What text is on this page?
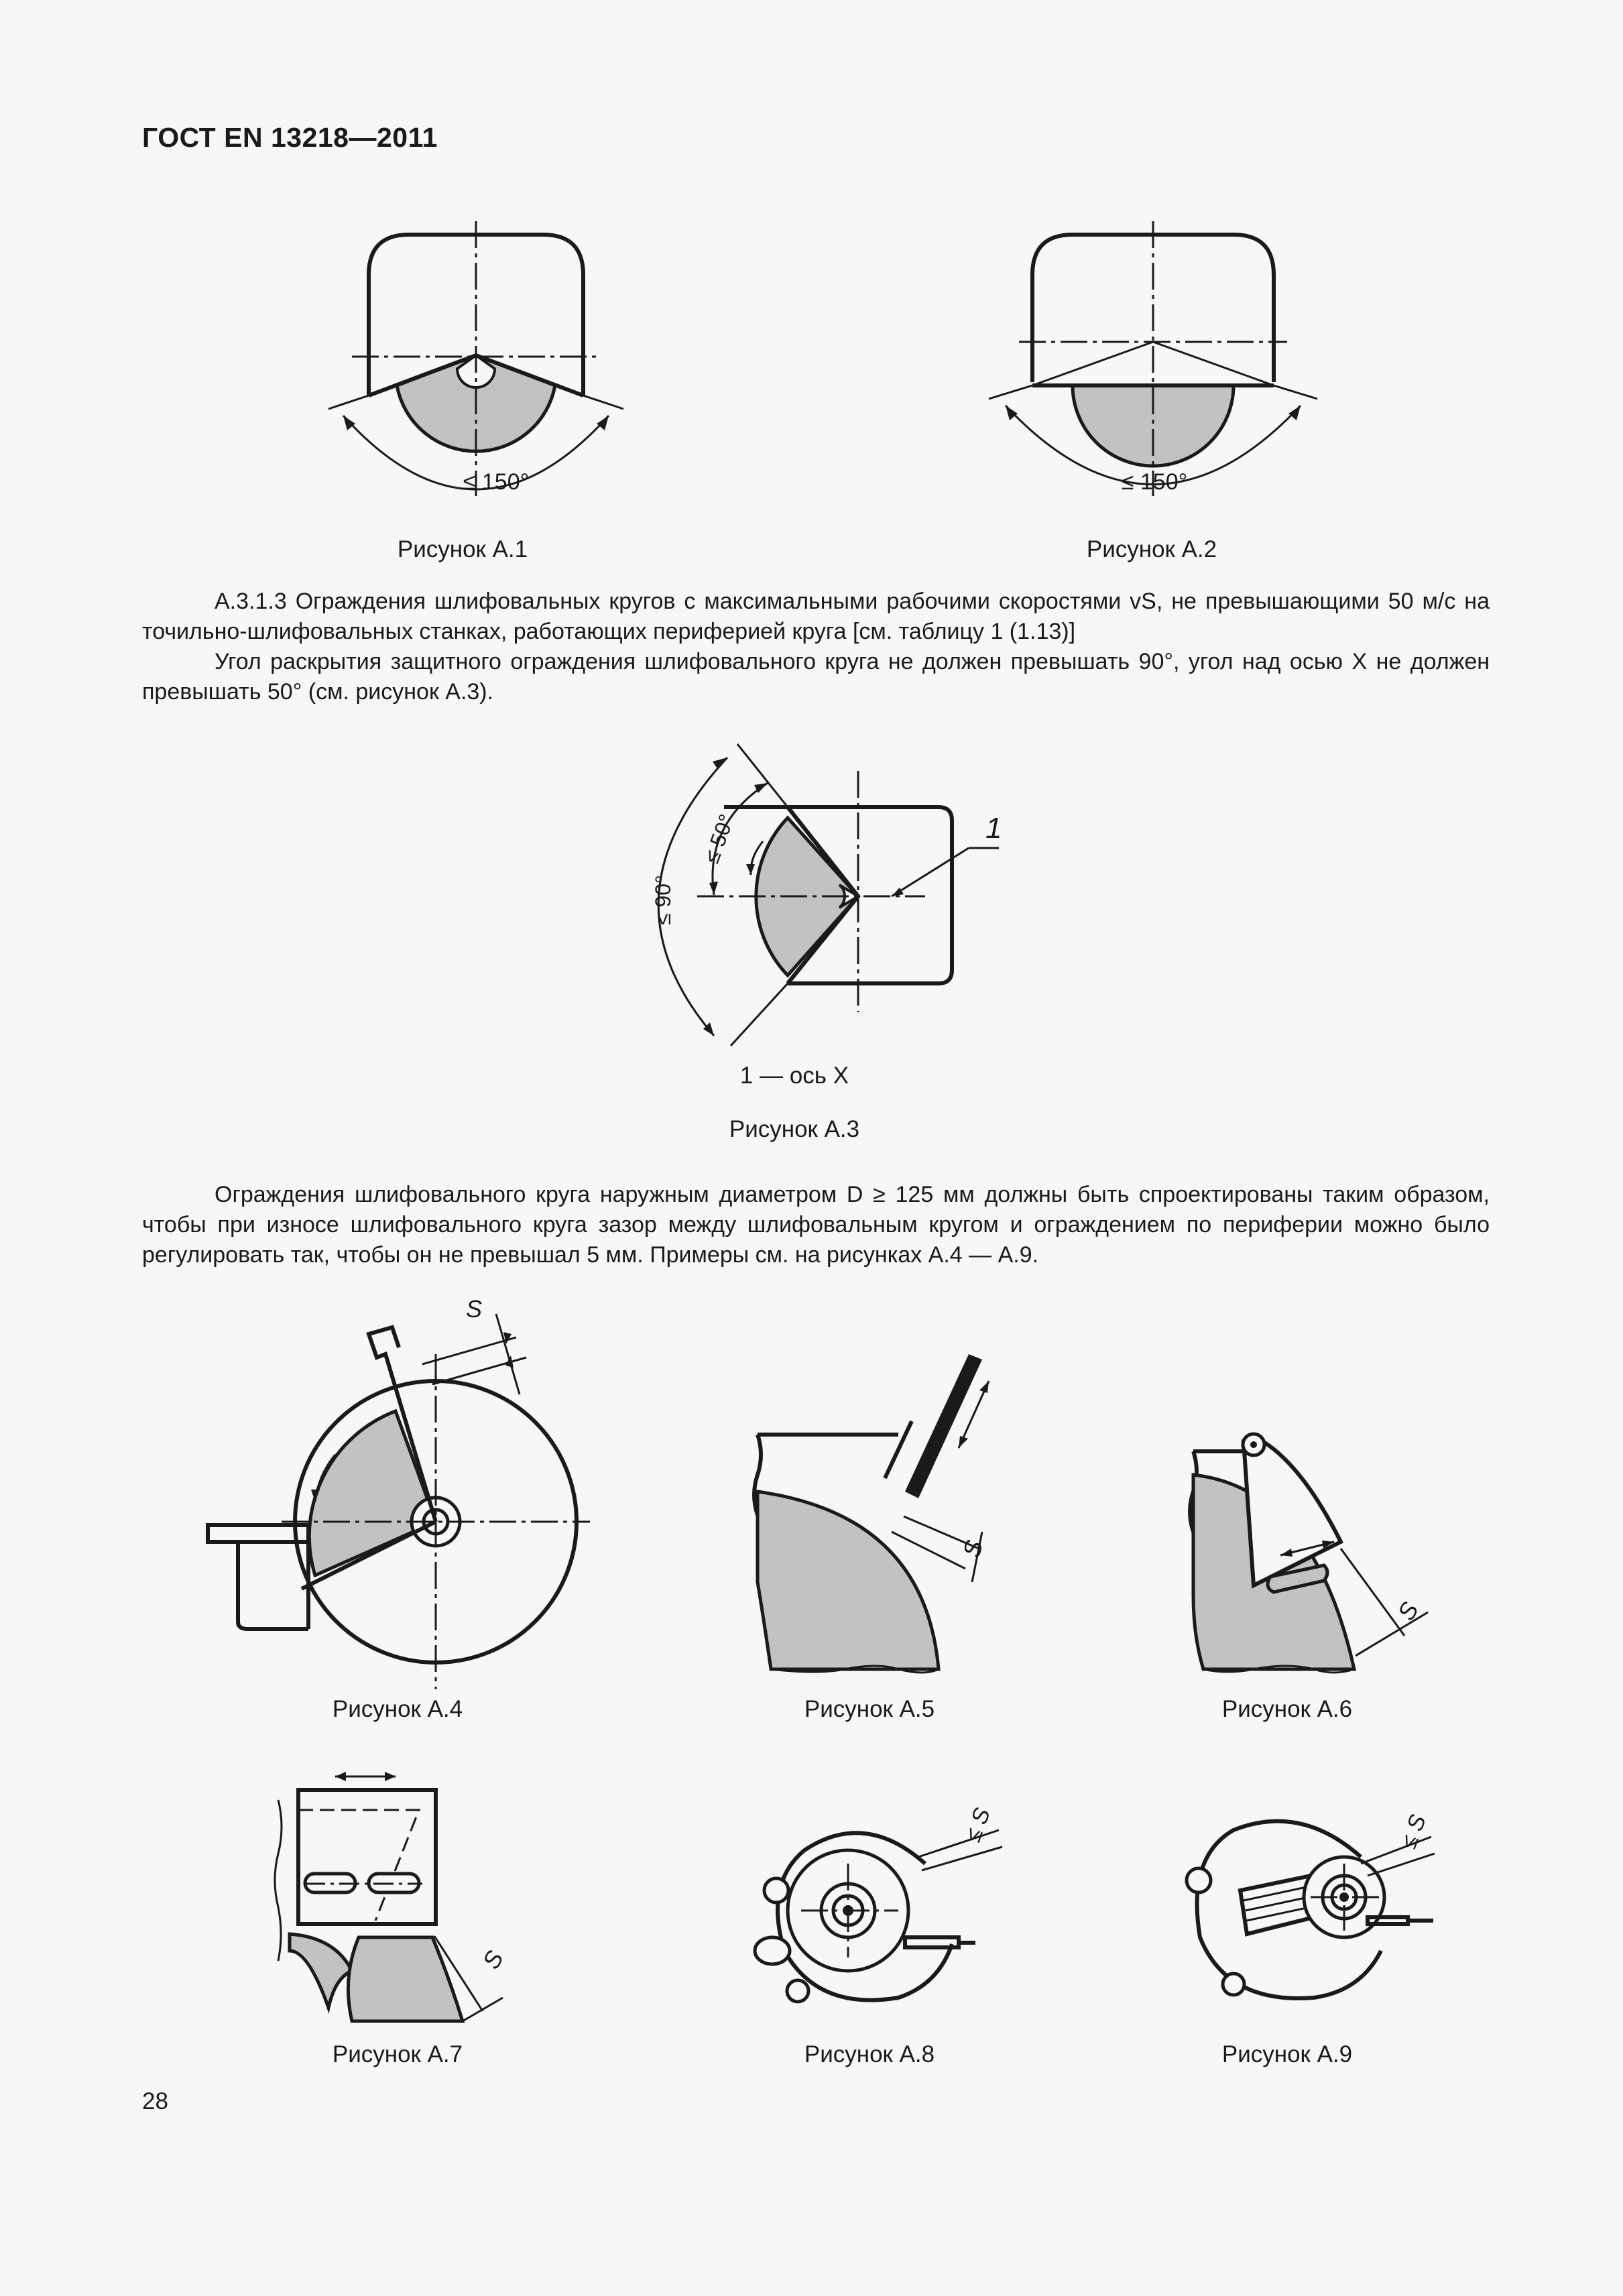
ГОСТ EN 13218—2011
≤ 150°
Рисунок А.1
≤ 150°
Рисунок А.2
А.3.1.3 Ограждения шлифовальных кругов с максимальными рабочими скоростями vS, не превышающими 50 м/с на точильно-шлифовальных станках, работающих периферией круга [см. таблицу 1 (1.13)]
Угол раскрытия защитного ограждения шлифовального круга не должен превышать 90°, угол над осью X не должен превышать 50° (см. рисунок А.3).
1
≤ 90°
≤ 50°
1 — ось X
Рисунок А.3
Ограждения шлифовального круга наружным диаметром D ≥ 125 мм должны быть спроектированы таким образом, чтобы при износе шлифовального круга зазор между шлифовальным кругом и ограждением по периферии можно было регулировать так, чтобы он не превышал 5 мм. Примеры см. на рисунках А.4 — А.9.
S
Рисунок А.4
S
Рисунок А.5
S
Рисунок А.6
S
Рисунок А.7
≤ S
Рисунок А.8
≤ S
Рисунок А.9
28
